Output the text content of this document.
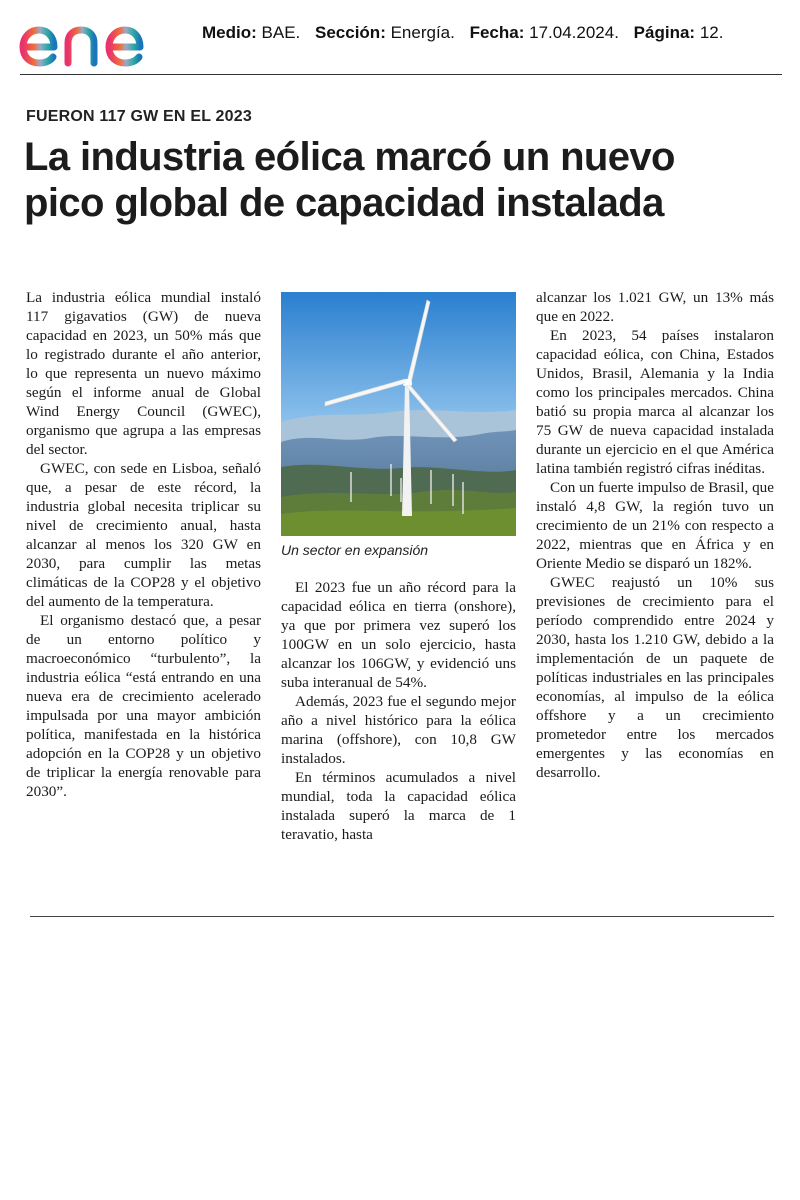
Medio: BAE. Sección: Energía. Fecha: 17.04.2024. Página: 12.
FUERON 117 GW EN EL 2023
La industria eólica marcó un nuevo
pico global de capacidad instalada

La industria eólica mundial instaló 117 gigavatios (GW) de nueva capacidad en 2023, un 50% más que lo registrado durante el año anterior, lo que representa un nuevo máximo según el informe anual de Global Wind Energy Council (GWEC), organismo que agrupa a las empresas del sector.

GWEC, con sede en Lisboa, señaló que, a pesar de este récord, la industria global necesita triplicar su nivel de crecimiento anual, hasta alcanzar al menos los 320 GW en 2030, para cumplir las metas climáticas de la COP28 y el objetivo del aumento de la temperatura.

El organismo destacó que, a pesar de un entorno político y macroeconómico “turbulento”, la industria eólica “está entrando en una nueva era de crecimiento acelerado impulsada por una mayor ambición política, manifestada en la histórica adopción en la COP28 y un objetivo de triplicar la energía renovable para 2030”.

Un sector en expansión

El 2023 fue un año récord para la capacidad eólica en tierra (onshore), ya que por primera vez superó los 100GW en un solo ejercicio, hasta alcanzar los 106GW, y evidenció uns suba interanual de 54%.

Además, 2023 fue el segundo mejor año a nivel histórico para la eólica marina (offshore), con 10,8 GW instalados.

En términos acumulados a nivel mundial, toda la capacidad eólica instalada superó la marca de 1 teravatio, hasta

alcanzar los 1.021 GW, un 13% más que en 2022.

En 2023, 54 países instalaron capacidad eólica, con China, Estados Unidos, Brasil, Alemania y la India como los principales mercados. China batió su propia marca al alcanzar los 75 GW de nueva capacidad instalada durante un ejercicio en el que América latina también registró cifras inéditas.

Con un fuerte impulso de Brasil, que instaló 4,8 GW, la región tuvo un crecimiento de un 21% con respecto a 2022, mientras que en África y en Oriente Medio se disparó un 182%.

GWEC reajustó un 10% sus previsiones de crecimiento para el período comprendido entre 2024 y 2030, hasta los 1.210 GW, debido a la implementación de un paquete de políticas industriales en las principales economías, al impulso de la eólica offshore y a un crecimiento prometedor entre los mercados emergentes y las economías en desarrollo.
